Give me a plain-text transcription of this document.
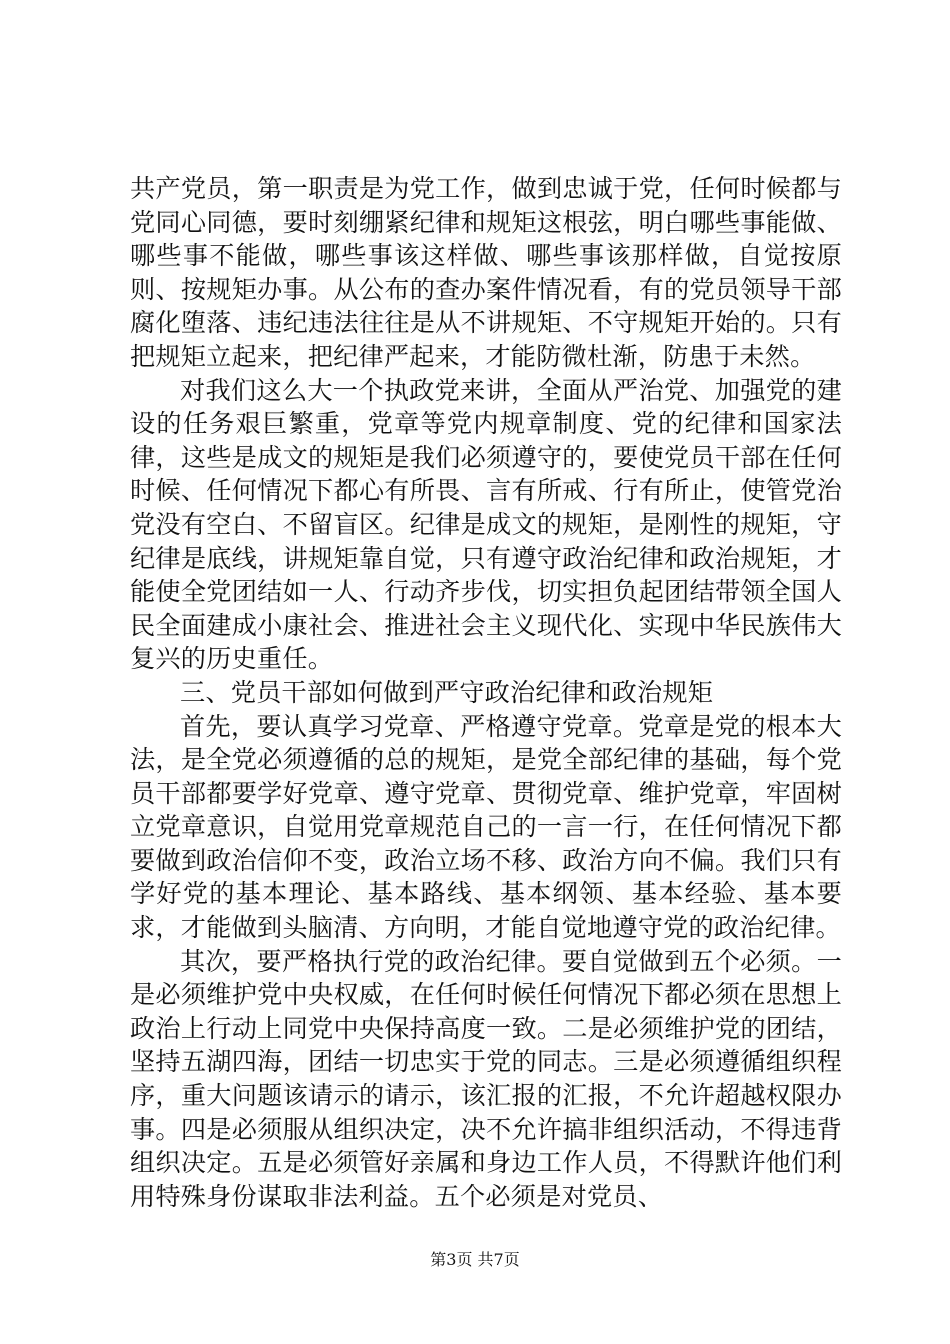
共产党员，第一职责是为党工作，做到忠诚于党，任何时候都与党同心同德，要时刻绷紧纪律和规矩这根弦，明白哪些事能做、哪些事不能做，哪些事该这样做、哪些事该那样做，自觉按原则、按规矩办事。从公布的查办案件情况看，有的党员领导干部腐化堕落、违纪违法往往是从不讲规矩、不守规矩开始的。只有把规矩立起来，把纪律严起来，才能防微杜渐，防患于未然。

对我们这么大一个执政党来讲，全面从严治党、加强党的建设的任务艰巨繁重，党章等党内规章制度、党的纪律和国家法律，这些是成文的规矩是我们必须遵守的，要使党员干部在任何时候、任何情况下都心有所畏、言有所戒、行有所止，使管党治党没有空白、不留盲区。纪律是成文的规矩，是刚性的规矩，守纪律是底线，讲规矩靠自觉，只有遵守政治纪律和政治规矩，才能使全党团结如一人、行动齐步伐，切实担负起团结带领全国人民全面建成小康社会、推进社会主义现代化、实现中华民族伟大复兴的历史重任。

三、党员干部如何做到严守政治纪律和政治规矩

首先，要认真学习党章、严格遵守党章。党章是党的根本大法，是全党必须遵循的总的规矩，是党全部纪律的基础，每个党员干部都要学好党章、遵守党章、贯彻党章、维护党章，牢固树立党章意识，自觉用党章规范自己的一言一行，在任何情况下都要做到政治信仰不变，政治立场不移、政治方向不偏。我们只有学好党的基本理论、基本路线、基本纲领、基本经验、基本要求，才能做到头脑清、方向明，才能自觉地遵守党的政治纪律。

其次，要严格执行党的政治纪律。要自觉做到五个必须。一是必须维护党中央权威，在任何时候任何情况下都必须在思想上政治上行动上同党中央保持高度一致。二是必须维护党的团结，坚持五湖四海，团结一切忠实于党的同志。三是必须遵循组织程序，重大问题该请示的请示，该汇报的汇报，不允许超越权限办事。四是必须服从组织决定，决不允许搞非组织活动，不得违背组织决定。五是必须管好亲属和身边工作人员，不得默许他们利用特殊身份谋取非法利益。五个必须是对党员、

第3页 共7页
